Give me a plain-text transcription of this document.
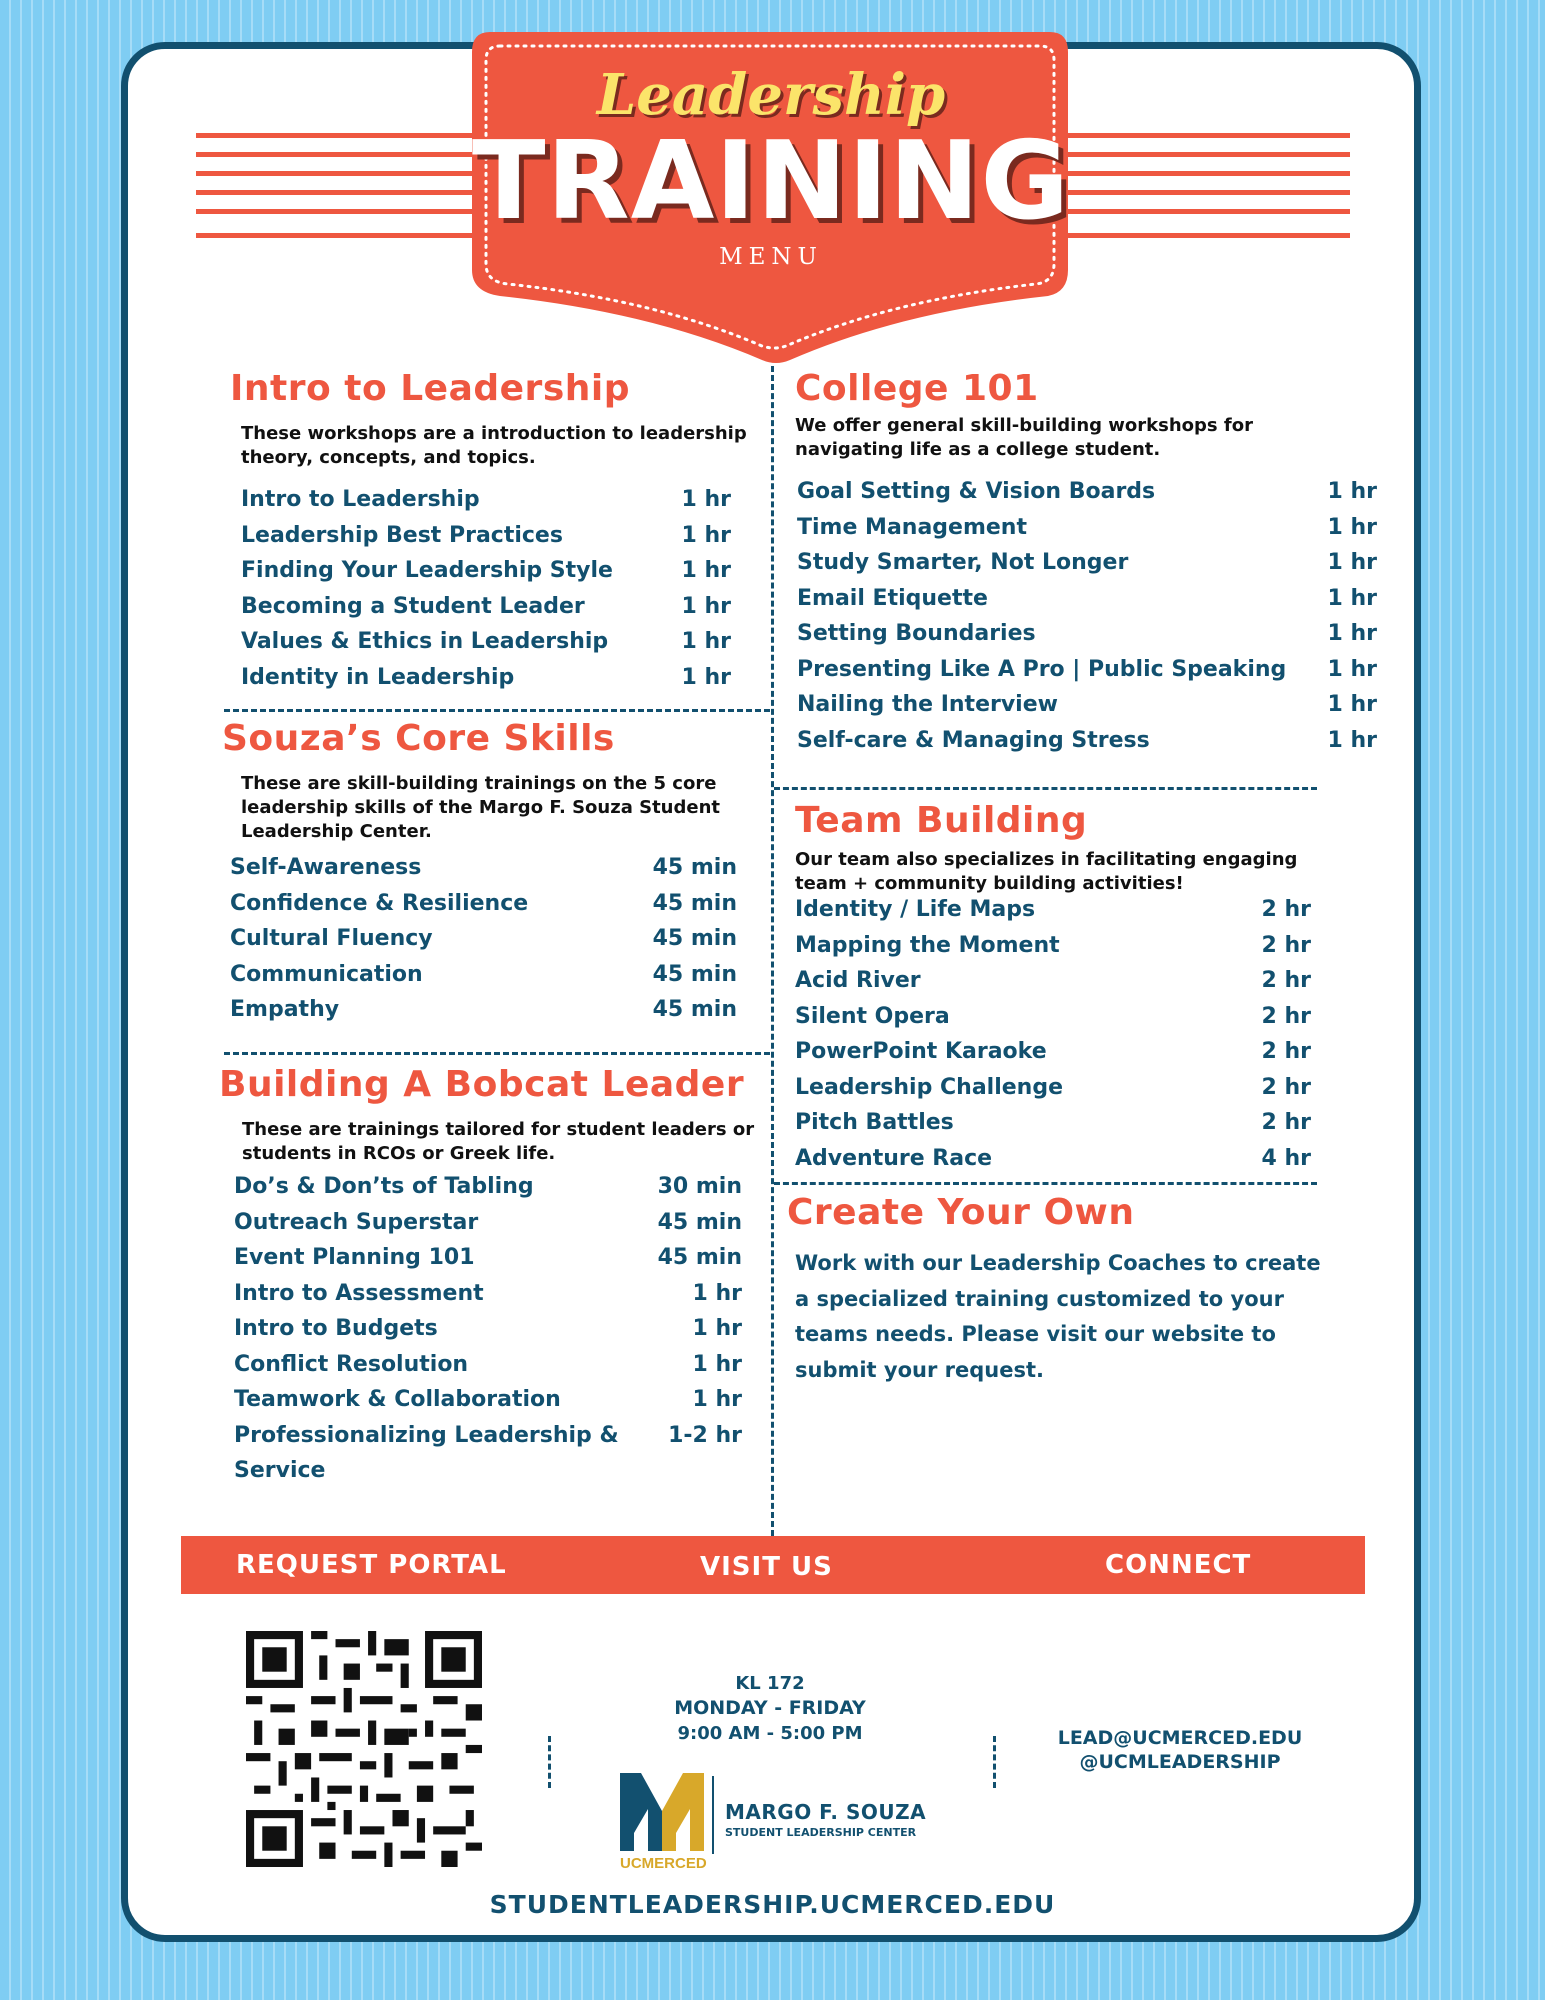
Leadership
TRAINING
MENU
Intro to Leadership
These workshops are a introduction to leadership theory, concepts, and topics.
Intro to Leadership	1 hr
Leadership Best Practices	1 hr
Finding Your Leadership Style	1 hr
Becoming a Student Leader	1 hr
Values & Ethics in Leadership	1 hr
Identity in Leadership	1 hr
Souza’s Core Skills
These are skill-building trainings on the 5 core leadership skills of the Margo F. Souza Student Leadership Center.
Self-Awareness	45 min
Confidence & Resilience	45 min
Cultural Fluency	45 min
Communication	45 min
Empathy	45 min
Building A Bobcat Leader
These are trainings tailored for student leaders or students in RCOs or Greek life.
Do’s & Don’ts of Tabling	30 min
Outreach Superstar	45 min
Event Planning 101	45 min
Intro to Assessment	1 hr
Intro to Budgets	1 hr
Conflict Resolution	1 hr
Teamwork & Collaboration	1 hr
Professionalizing Leadership & 1-2 hr
Service
College 101
We offer general skill-building workshops for navigating life as a college student.
Goal Setting & Vision Boards	1 hr
Time Management	1 hr
Study Smarter, Not Longer	1 hr
Email Etiquette	1 hr
Setting Boundaries	1 hr
Presenting Like A Pro | Public Speaking 1 hr
Nailing the Interview	1 hr
Self-care & Managing Stress	1 hr
Team Building
Our team also specializes in facilitating engaging team + community building activities!
Identity / Life Maps	2 hr
Mapping the Moment	2 hr
Acid River	2 hr
Silent Opera	2 hr
PowerPoint Karaoke	2 hr
Leadership Challenge	2 hr
Pitch Battles	2 hr
Adventure Race	4 hr
Create Your Own
Work with our Leadership Coaches to create a specialized training customized to your teams needs. Please visit our website to submit your request.
REQUEST PORTAL	VISIT US	CONNECT
KL 172
MONDAY - FRIDAY
9:00 AM - 5:00 PM	LEAD@UCMERCED.EDU
@UCMLEADERSHIP
UCMERCED
MARGO F. SOUZA
STUDENT LEADERSHIP CENTER
STUDENTLEADERSHIP.UCMERCED.EDU
